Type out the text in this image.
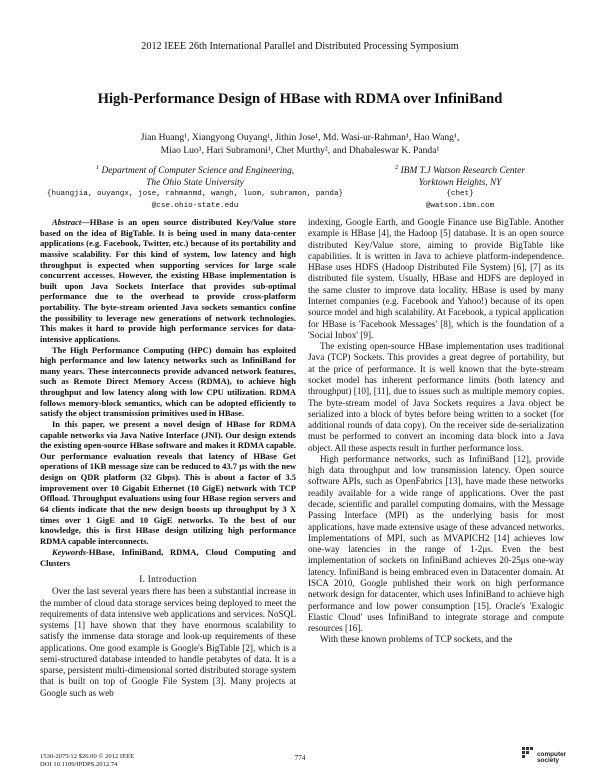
2012 IEEE 26th International Parallel and Distributed Processing Symposium
High-Performance Design of HBase with RDMA over InfiniBand
Jian Huang¹, Xiangyong Ouyang¹, Jithin Jose¹, Md. Wasi-ur-Rahman¹, Hao Wang¹,
Miao Luo¹, Hari Subramoni¹, Chet Murthy², and Dhabaleswar K. Panda¹
$^1$ Department of Computer Science and Engineering,
The Ohio State University
{huangjia, ouyangx, jose, rahmanmd, wangh, luom, subramon, panda}
@cse.ohio-state.edu
$^2$ IBM T.J Watson Research Center
Yorktown Heights, NY
{chet}
@watson.ibm.com

Abstract—HBase is an open source distributed Key/Value store based on the idea of BigTable. It is being used in many data-center applications (e.g. Facebook, Twitter, etc.) because of its portability and massive scalability. For this kind of system, low latency and high throughput is expected when supporting services for large scale concurrent accesses. However, the existing HBase implementation is built upon Java Sockets Interface that provides sub-optimal performance due to the overhead to provide cross-platform portability. The byte-stream oriented Java sockets semantics confine the possibility to leverage new generations of network technologies. This makes it hard to provide high performance services for data-intensive applications.

The High Performance Computing (HPC) domain has exploited high performance and low latency networks such as InfiniBand for many years. These interconnects provide advanced network features, such as Remote Direct Memory Access (RDMA), to achieve high throughput and low latency along with low CPU utilization. RDMA follows memory-block semantics, which can be adopted efficiently to satisfy the object transmission primitives used in HBase.

In this paper, we present a novel design of HBase for RDMA capable networks via Java Native Interface (JNI). Our design extends the existing open-source HBase software and makes it RDMA capable. Our performance evaluation reveals that latency of HBase Get operations of 1KB message size can be reduced to 43.7 μs with the new design on QDR platform (32 Gbps). This is about a factor of 3.5 improvement over 10 Gigabit Ethernet (10 GigE) network with TCP Offload. Throughput evaluations using four HBase region servers and 64 clients indicate that the new design boosts up throughput by 3 X times over 1 GigE and 10 GigE networks. To the best of our knowledge, this is first HBase design utilizing high performance RDMA capable interconnects.

Keywords-HBase, InfiniBand, RDMA, Cloud Computing and Clusters
I. Introduction

Over the last several years there has been a substantial increase in the number of cloud data storage services being deployed to meet the requirements of data intensive web applications and services. NoSQL systems [1] have shown that they have enormous scalability to satisfy the immense data storage and look-up requirements of these applications. One good example is Google's BigTable [2], which is a semi-structured database intended to handle petabytes of data. It is a sparse, persistent multi-dimensional sorted distributed storage system that is built on top of Google File System [3]. Many projects at Google such as web

indexing, Google Earth, and Google Finance use BigTable. Another example is HBase [4], the Hadoop [5] database. It is an open source distributed Key/Value store, aiming to provide BigTable like capabilities. It is written in Java to achieve platform-independence. HBase uses HDFS (Hadoop Distributed File System) [6], [7] as its distributed file system. Usually, HBase and HDFS are deployed in the same cluster to improve data locality. HBase is used by many Internet companies (e.g. Facebook and Yahoo!) because of its open source model and high scalability. At Facebook, a typical application for HBase is 'Facebook Messages' [8], which is the foundation of a 'Social Inbox' [9].

The existing open-source HBase implementation uses traditional Java (TCP) Sockets. This provides a great degree of portability, but at the price of performance. It is well known that the byte-stream socket model has inherent performance limits (both latency and throughput) [10], [11], due to issues such as multiple memory copies. The byte-stream model of Java Sockets requires a Java object be serialized into a block of bytes before being written to a socket (for additional rounds of data copy). On the receiver side de-serialization must be performed to convert an incoming data block into a Java object. All these aspects result in further performance loss.

High performance networks, such as InfiniBand [12], provide high data throughput and low transmission latency. Open source software APIs, such as OpenFabrics [13], have made these networks readily available for a wide range of applications. Over the past decade, scientific and parallel computing domains, with the Message Passing Interface (MPI) as the underlying basis for most applications, have made extensive usage of these advanced networks. Implementations of MPI, such as MVAPICH2 [14] achieves low one-way latencies in the range of 1-2μs. Even the best implementation of sockets on InfiniBand achieves 20-25μs one-way latency. InfiniBand is being embraced even in Datacenter domain. At ISCA 2010, Google published their work on high performance network design for datacenter, which uses InfiniBand to achieve high performance and low power consumption [15]. Oracle's 'Exalogic Elastic Cloud' uses InfiniBand to integrate storage and compute resources [16].

With these known problems of TCP sockets, and the

1530-2075/12 $26.00 © 2012 IEEE
DOI 10.1109/IPDPS.2012.74
774	computer
society
